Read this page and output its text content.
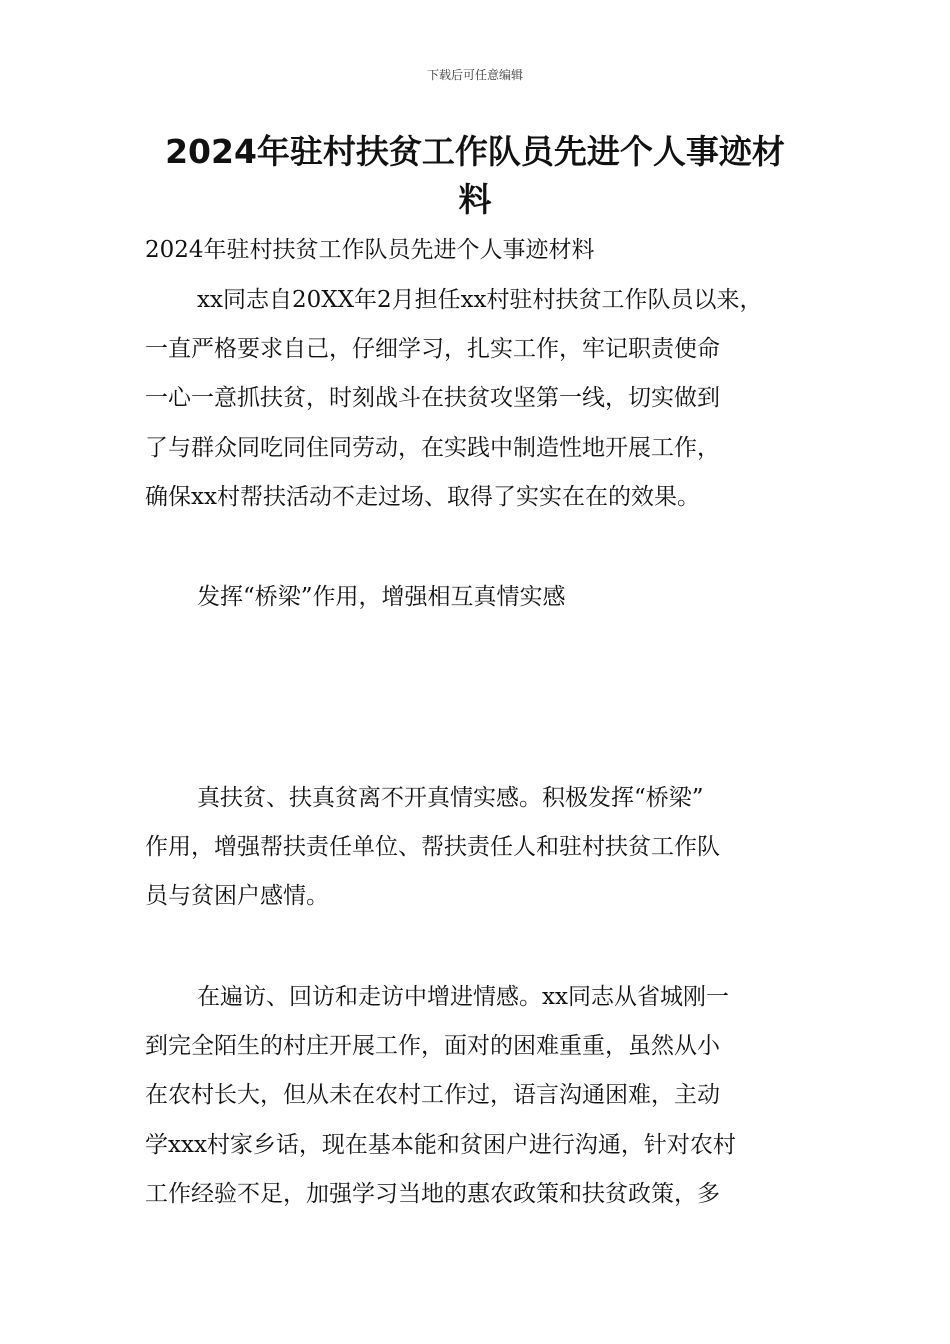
下载后可任意编辑
2024年驻村扶贫工作队员先进个人事迹材
料

2024年驻村扶贫工作队员先进个人事迹材料

xx同志自20XX年2月担任xx村驻村扶贫工作队员以来，

一直严格要求自己，仔细学习，扎实工作，牢记职责使命

一心一意抓扶贫，时刻战斗在扶贫攻坚第一线，切实做到

了与群众同吃同住同劳动，在实践中制造性地开展工作，

确保xx村帮扶活动不走过场、取得了实实在在的效果。

发挥“桥梁”作用，增强相互真情实感

真扶贫、扶真贫离不开真情实感。积极发挥“桥梁”

作用，增强帮扶责任单位、帮扶责任人和驻村扶贫工作队

员与贫困户感情。

在遍访、回访和走访中增进情感。xx同志从省城刚一

到完全陌生的村庄开展工作，面对的困难重重，虽然从小

在农村长大，但从未在农村工作过，语言沟通困难，主动

学xxx村家乡话，现在基本能和贫困户进行沟通，针对农村

工作经验不足，加强学习当地的惠农政策和扶贫政策，多
